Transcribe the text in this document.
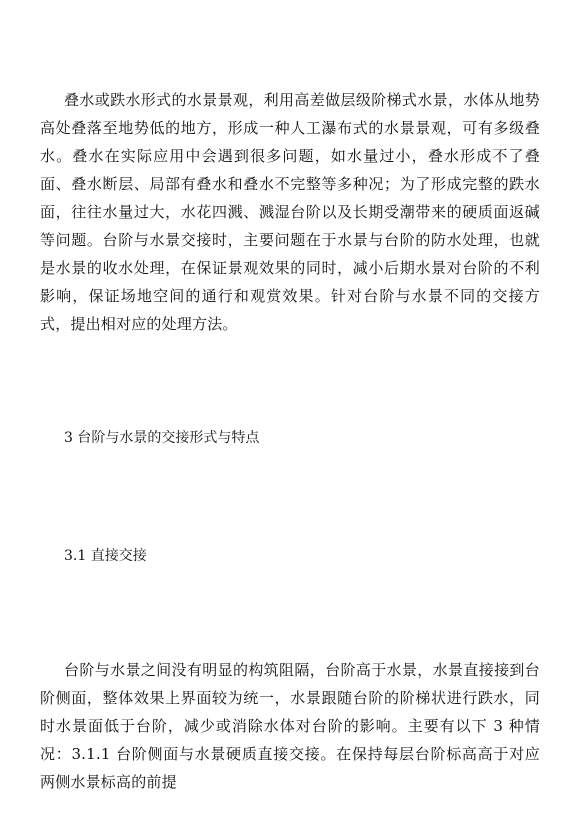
叠水或跌水形式的水景景观，利用高差做层级阶梯式水景，水体从地势高处叠落至地势低的地方，形成一种人工瀑布式的水景景观，可有多级叠水。叠水在实际应用中会遇到很多问题，如水量过小，叠水形成不了叠面、叠水断层、局部有叠水和叠水不完整等多种况；为了形成完整的跌水面，往往水量过大，水花四溅、溅湿台阶以及长期受潮带来的硬质面返碱等问题。台阶与水景交接时，主要问题在于水景与台阶的防水处理，也就是水景的收水处理，在保证景观效果的同时，减小后期水景对台阶的不利影响，保证场地空间的通行和观赏效果。针对台阶与水景不同的交接方式，提出相对应的处理方法。

3 台阶与水景的交接形式与特点

3.1 直接交接

台阶与水景之间没有明显的构筑阻隔，台阶高于水景，水景直接接到台阶侧面，整体效果上界面较为统一，水景跟随台阶的阶梯状进行跌水，同时水景面低于台阶，减少或消除水体对台阶的影响。主要有以下 3 种情况：3.1.1 台阶侧面与水景硬质直接交接。在保持每层台阶标高高于对应两侧水景标高的前提
